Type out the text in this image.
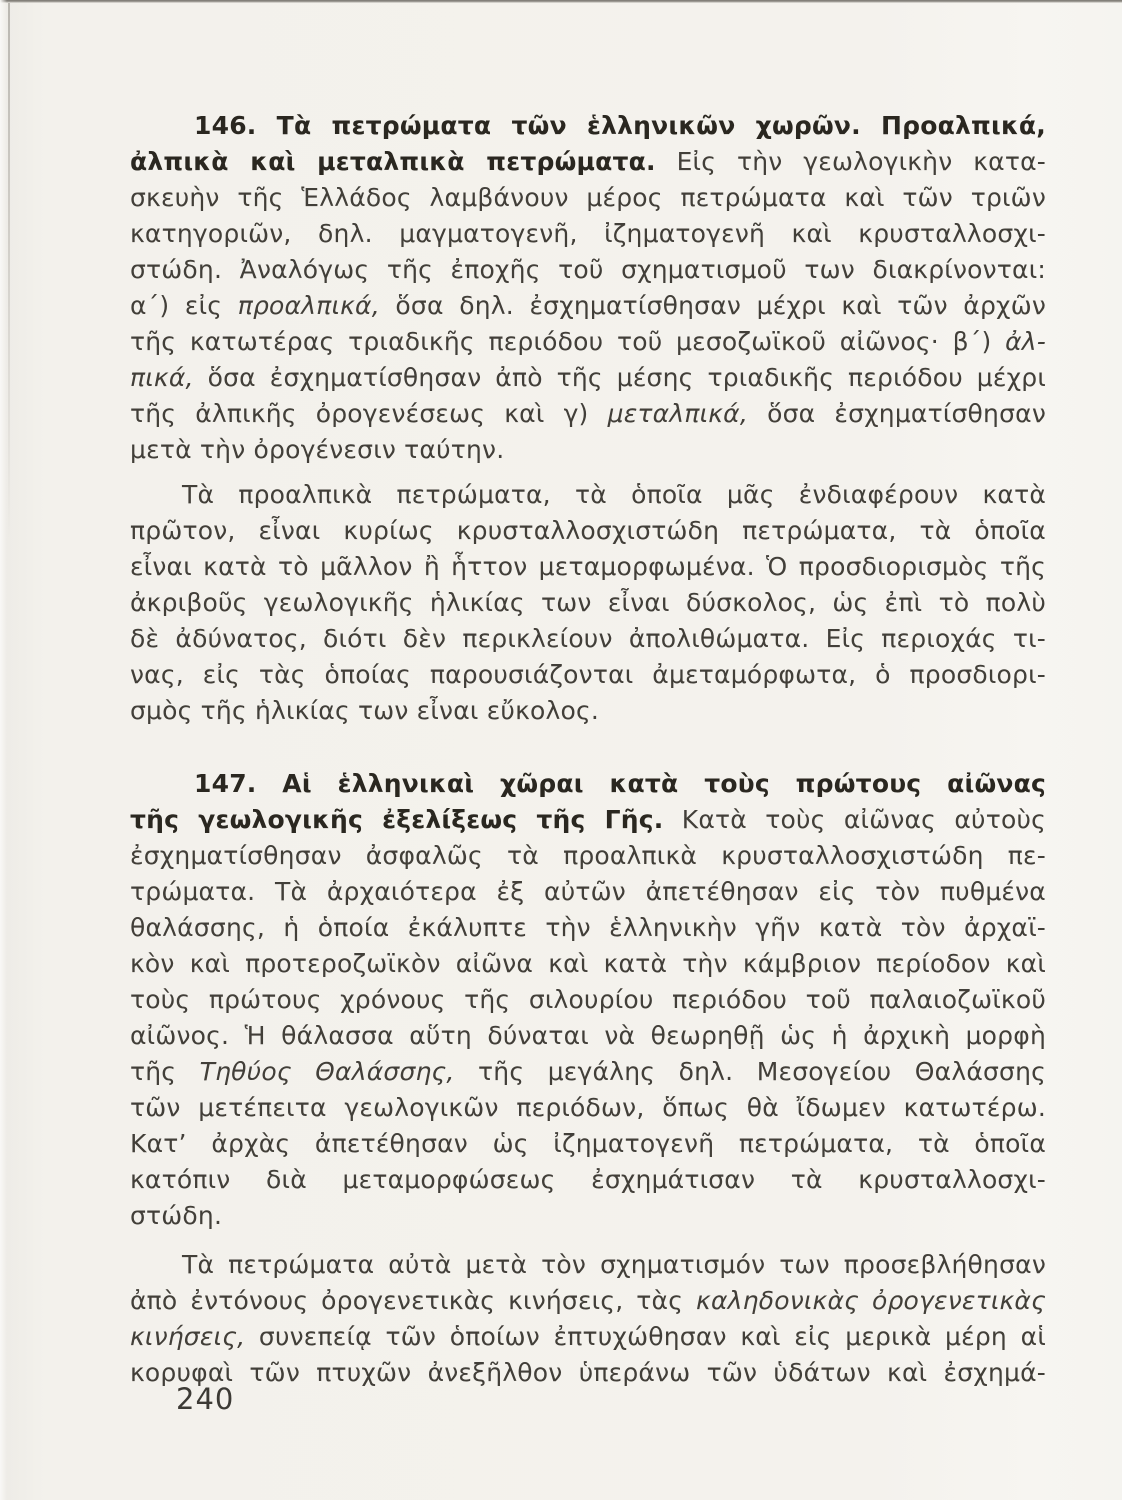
146. Τὰ πετρώματα τῶν ἑλληνικῶν χωρῶν. Προαλπικά,
ἀλπικὰ καὶ μεταλπικὰ πετρώματα. Εἰς τὴν γεωλογικὴν κατα-
σκευὴν τῆς Ἑλλάδος λαμβάνουν μέρος πετρώματα καὶ τῶν τριῶν
κατηγοριῶν, δηλ. μαγματογενῆ, ἰζηματογενῆ καὶ κρυσταλλοσχι-
στώδη. Ἀναλόγως τῆς ἐποχῆς τοῦ σχηματισμοῦ των διακρίνονται:
α΄) εἰς προαλπικά, ὅσα δηλ. ἐσχηματίσθησαν μέχρι καὶ τῶν ἀρχῶν
τῆς κατωτέρας τριαδικῆς περιόδου τοῦ μεσοζωϊκοῦ αἰῶνος· β΄) ἀλ-
πικά, ὅσα ἐσχηματίσθησαν ἀπὸ τῆς μέσης τριαδικῆς περιόδου μέχρι
τῆς ἀλπικῆς ὀρογενέσεως καὶ γ) μεταλπικά, ὅσα ἐσχηματίσθησαν
μετὰ τὴν ὀρογένεσιν ταύτην.
Τὰ προαλπικὰ πετρώματα, τὰ ὁποῖα μᾶς ἐνδιαφέρουν κατὰ
πρῶτον, εἶναι κυρίως κρυσταλλοσχιστώδη πετρώματα, τὰ ὁποῖα
εἶναι κατὰ τὸ μᾶλλον ἢ ἧττον μεταμορφωμένα. Ὁ προσδιορισμὸς τῆς
ἀκριβοῦς γεωλογικῆς ἡλικίας των εἶναι δύσκολος, ὡς ἐπὶ τὸ πολὺ
δὲ ἀδύνατος, διότι δὲν περικλείουν ἀπολιθώματα. Εἰς περιοχάς τι-
νας, εἰς τὰς ὁποίας παρουσιάζονται ἀμεταμόρφωτα, ὁ προσδιορι-
σμὸς τῆς ἡλικίας των εἶναι εὔκολος.
147. Αἱ ἑλληνικαὶ χῶραι κατὰ τοὺς πρώτους αἰῶνας
τῆς γεωλογικῆς ἐξελίξεως τῆς Γῆς. Κατὰ τοὺς αἰῶνας αὐτοὺς
ἐσχηματίσθησαν ἀσφαλῶς τὰ προαλπικὰ κρυσταλλοσχιστώδη πε-
τρώματα. Τὰ ἀρχαιότερα ἐξ αὐτῶν ἀπετέθησαν εἰς τὸν πυθμένα
θαλάσσης, ἡ ὁποία ἐκάλυπτε τὴν ἑλληνικὴν γῆν κατὰ τὸν ἀρχαϊ-
κὸν καὶ προτεροζωϊκὸν αἰῶνα καὶ κατὰ τὴν κάμβριον περίοδον καὶ
τοὺς πρώτους χρόνους τῆς σιλουρίου περιόδου τοῦ παλαιοζωϊκοῦ
αἰῶνος. Ἡ θάλασσα αὕτη δύναται νὰ θεωρηθῇ ὡς ἡ ἀρχικὴ μορφὴ
τῆς Τηθύος Θαλάσσης, τῆς μεγάλης δηλ. Μεσογείου Θαλάσσης
τῶν μετέπειτα γεωλογικῶν περιόδων, ὅπως θὰ ἴδωμεν κατωτέρω.
Κατ’ ἀρχὰς ἀπετέθησαν ὡς ἰζηματογενῆ πετρώματα, τὰ ὁποῖα
κατόπιν διὰ μεταμορφώσεως ἐσχημάτισαν τὰ κρυσταλλοσχι-
στώδη.
Τὰ πετρώματα αὐτὰ μετὰ τὸν σχηματισμόν των προσεβλήθησαν
ἀπὸ ἐντόνους ὀρογενετικὰς κινήσεις, τὰς καληδονικὰς ὀρογενετικὰς
κινήσεις, συνεπείᾳ τῶν ὁποίων ἐπτυχώθησαν καὶ εἰς μερικὰ μέρη αἱ
κορυφαὶ τῶν πτυχῶν ἀνεξῆλθον ὑπεράνω τῶν ὑδάτων καὶ ἐσχημά-
240
